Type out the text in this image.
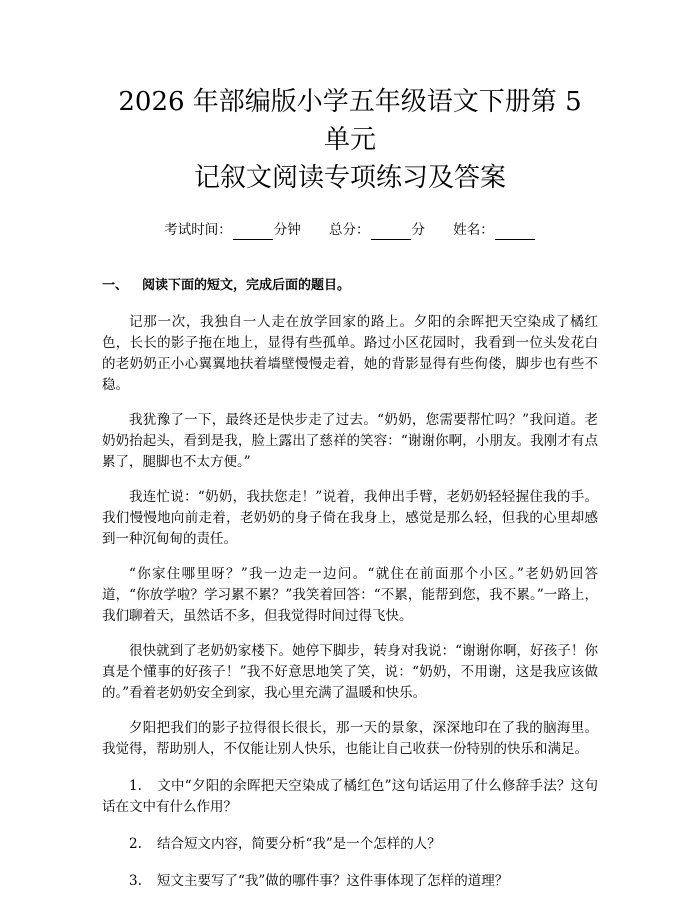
2026 年部编版小学五年级语文下册第 5 单元
记叙文阅读专项练习及答案
考试时间：	分钟 总分：	分 姓名：
一、 阅读下面的短文，完成后面的题目。

记那一次，我独自一人走在放学回家的路上。夕阳的余晖把天空染成了橘红色，长长的影子拖在地上，显得有些孤单。路过小区花园时，我看到一位头发花白的老奶奶正小心翼翼地扶着墙壁慢慢走着，她的背影显得有些佝偻，脚步也有些不稳。

我犹豫了一下，最终还是快步走了过去。“奶奶，您需要帮忙吗？”我问道。老奶奶抬起头，看到是我，脸上露出了慈祥的笑容：“谢谢你啊，小朋友。我刚才有点累了，腿脚也不太方便。”

我连忙说：“奶奶，我扶您走！”说着，我伸出手臂，老奶奶轻轻握住我的手。我们慢慢地向前走着，老奶奶的身子倚在我身上，感觉是那么轻，但我的心里却感到一种沉甸甸的责任。

“你家住哪里呀？”我一边走一边问。“就住在前面那个小区。”老奶奶回答道，“你放学啦？学习累不累？”我笑着回答：“不累，能帮到您，我不累。”一路上，我们聊着天，虽然话不多，但我觉得时间过得飞快。

很快就到了老奶奶家楼下。她停下脚步，转身对我说：“谢谢你啊，好孩子！你真是个懂事的好孩子！”我不好意思地笑了笑，说：“奶奶，不用谢，这是我应该做的。”看着老奶奶安全到家，我心里充满了温暖和快乐。

夕阳把我们的影子拉得很长很长，那一天的景象，深深地印在了我的脑海里。我觉得，帮助别人，不仅能让别人快乐，也能让自己收获一份特别的快乐和满足。

1. 文中“夕阳的余晖把天空染成了橘红色”这句话运用了什么修辞手法？这句话在文中有什么作用？

2. 结合短文内容，简要分析“我”是一个怎样的人？

3. 短文主要写了“我”做的哪件事？这件事体现了怎样的道理？
